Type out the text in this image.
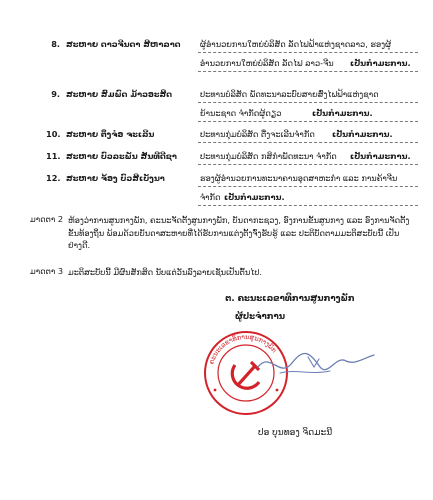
8. ສະຫາຍ ດາວຈີນດາ ສີຫາລາດ ຜູ້ອຳນວຍການໃຫຍ່ບໍລິສັດ ລັດໄຟຟ້າແຫ່ງຊາດລາວ, ຮອງຜູ້
ອຳນວຍການໃຫຍ່ບໍລິສັດ ລັດໄຟ ລາວ-ຈີນ ເປັນກຳມະການ.
9. ສະຫາຍ ສົມພົດ ມ້າວອະສິດ	ປະທານບໍລິສັດ ພັດທະນາລະບົບສາຍສົ່ງໄຟຟ້າແຫ່ງຊາດ
ຍ້ານະຊາດ ຈຳກັດຜູ້ດຽວ	ເປັນກຳມະການ.
10. ສະຫາຍ ຕຶງຈໍອ ຈະເລີນ	ປະທານກຸ່ມບໍລິສັດ ຕື່ງຈະເລີນຈຳກັດ ເປັນກຳມະການ.
11. ສະຫາຍ ບົວລະພັນ ສັນທີດີຊາ	ປະທານກຸ່ມບໍລິສັດ ກສິກຳພັດທະນາ ຈຳກັດ ເປັນກຳມະການ.
12. ສະຫາຍ ຈ້ອງ ບົວສີເບັງນາ	ຮອງຜູ້ອຳນວຍການທະນາຄານອຸດສາຫະກຳ ແລະ ການຄ້າຈີນ
ຈຳກັດ ເປັນກຳມະການ.
ມາດຕາ 2 ຫ້ອງວ່າການສູນກາງພັກ, ຄະນະຈັດຕັ້ງສູນກາງພັກ, ບັນດາກະຊວງ, ອົງການຂັ້ນສູນກາງ ແລະ ອົງການຈັດຕັ້ງຂັ້ນທ້ອງຖິ່ນ ພ້ອມດ້ວຍບັນດາສະຫາຍທີ່ໄດ້ຮັບການແຕ່ງຕັ້ງຈົ່ງຮັບຮູ້ ແລະ ປະຕິບັດຕາມມະຕິສະບັບນີ້ ເປັນຢ່າງດີ.
ມາດຕາ 3 ມະຕິສະບັບນີ້ ມີຜົນສັກສິດ ນັບແຕ່ວັນລົງລາຍເຊັນເປັນຕົ້ນໄປ.
ຕ. ຄະນະເລຂາທິການສູນກາງພັກ
ຜູ້ປະຈຳການ
ຄະນະເລຂາທິການສູນກາງພັກ
ປອ ບຸນທອງ ຈິດມະນີ
